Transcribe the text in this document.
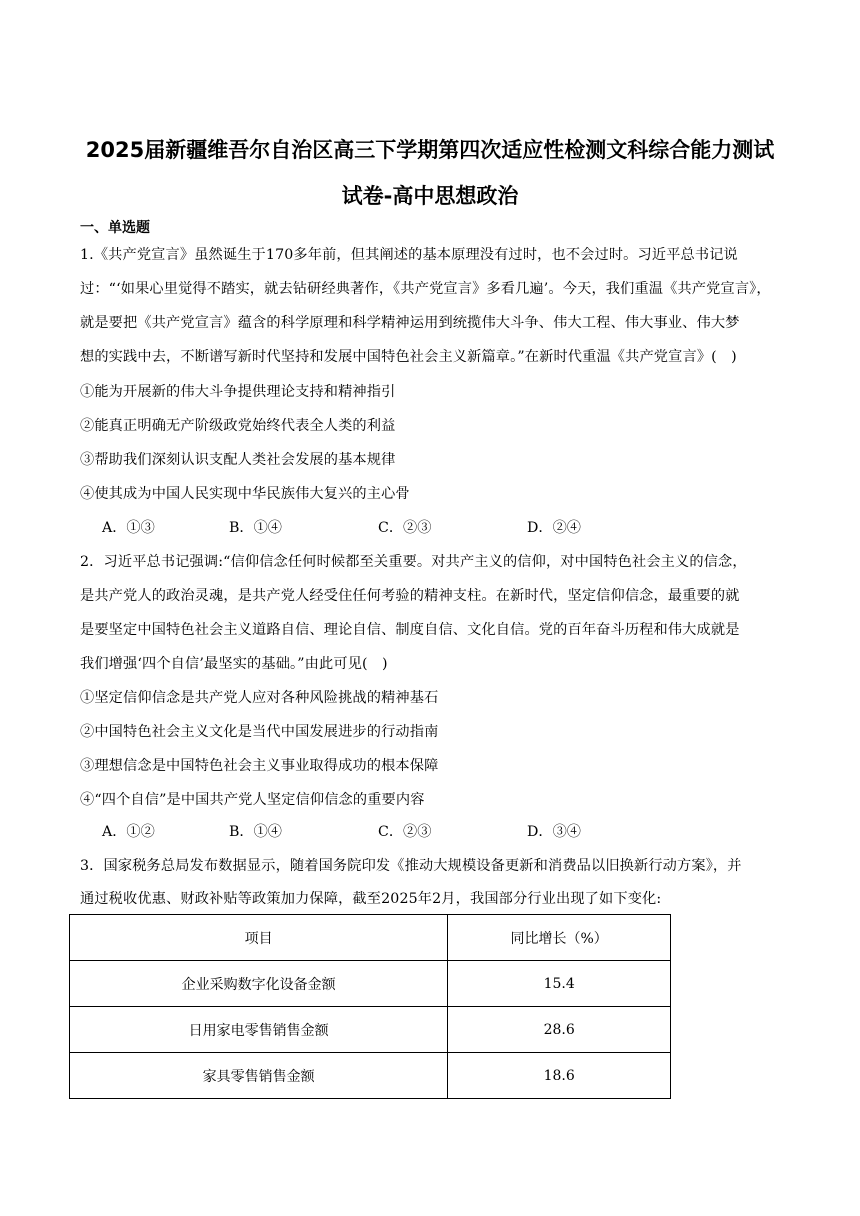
2025届新疆维吾尔自治区高三下学期第四次适应性检测文科综合能力测试
试卷-高中思想政治
一、单选题
1.《共产党宣言》虽然诞生于170多年前，但其阐述的基本原理没有过时，也不会过时。习近平总书记说
过：“‘如果心里觉得不踏实，就去钻研经典著作，《共产党宣言》多看几遍’。今天，我们重温《共产党宣言》，
就是要把《共产党宣言》蕴含的科学原理和科学精神运用到统揽伟大斗争、伟大工程、伟大事业、伟大梦
想的实践中去，不断谱写新时代坚持和发展中国特色社会主义新篇章。”在新时代重温《共产党宣言》(　)
①能为开展新的伟大斗争提供理论支持和精神指引
②能真正明确无产阶级政党始终代表全人类的利益
③帮助我们深刻认识支配人类社会发展的基本规律
④使其成为中国人民实现中华民族伟大复兴的主心骨
A．①③	B．①④	C．②③	D．②④
2．习近平总书记强调:“信仰信念任何时候都至关重要。对共产主义的信仰，对中国特色社会主义的信念，
是共产党人的政治灵魂，是共产党人经受住任何考验的精神支柱。在新时代，坚定信仰信念，最重要的就
是要坚定中国特色社会主义道路自信、理论自信、制度自信、文化自信。党的百年奋斗历程和伟大成就是
我们增强‘四个自信’最坚实的基础。”由此可见(　)
①坚定信仰信念是共产党人应对各种风险挑战的精神基石
②中国特色社会主义文化是当代中国发展进步的行动指南
③理想信念是中国特色社会主义事业取得成功的根本保障
④“四个自信”是中国共产党人坚定信仰信念的重要内容
A．①②	B．①④	C．②③	D．③④
3．国家税务总局发布数据显示，随着国务院印发《推动大规模设备更新和消费品以旧换新行动方案》，并
通过税收优惠、财政补贴等政策加力保障，截至2025年2月，我国部分行业出现了如下变化:
项目	同比增长（%）
企业采购数字化设备金额	15.4
日用家电零售销售金额	28.6
家具零售销售金额	18.6
